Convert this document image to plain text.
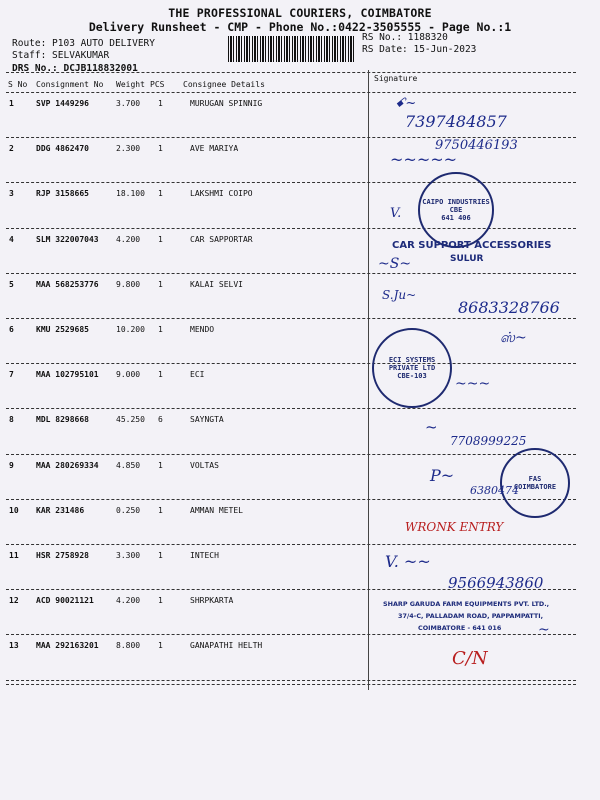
THE PROFESSIONAL COURIERS, COIMBATORE
Delivery Runsheet - CMP - Phone No.:0422-3505555 - Page No.:1
Route: P103 AUTO DELIVERY
Staff: SELVAKUMAR
DRS No.: DCJB118832001
RS No.: 1188320
RS Date: 15-Jun-2023
S No Consignment No Weight PCS Consignee Details
Signature
1	SVP 1449296	3.700 1	MURUGAN SPINNIG
2	DDG 4862470	2.300 1	AVE MARIYA
3	RJP 3158665	18.100 1	LAKSHMI COIPO
4	SLM 322007043 4.200 1	CAR SAPPORTAR
5	MAA 568253776 9.800 1	KALAI SELVI
6	KMU 2529685	10.200 1	MENDO
7	MAA 102795101 9.000 1	ECI
8	MDL 8298668	45.250 6	SAYNGTA
9	MAA 280269334 4.850 1	VOLTAS
10 KAR 231486	0.250 1	AMMAN METEL
11 HSR 2758928	3.300 1	INTECH
12 ACD 90021121	4.200 1	SHRPKARTA
13 MAA 292163201 8.800 1	GANAPATHI HELTH
ꗃ~
7397484857
9750446193
~~~~~
CAIPO INDUSTRIES
CBE
641 406
V.
CAR SUPPORT ACCESSORIES
SULUR
~S~
S.Ju~
8683328766
ECI SYSTEMS
PRIVATE LTD
CBE-103
ஸ்~
~~~
~
7708999225
FAS
COIMBATORE
P~
6380474
WRONK ENTRY
V. ~~
9566943860
SHARP GARUDA FARM EQUIPMENTS PVT. LTD.,
37/4-C, PALLADAM ROAD, PAPPAMPATTI,
COIMBATORE - 641 016	~
C/N
